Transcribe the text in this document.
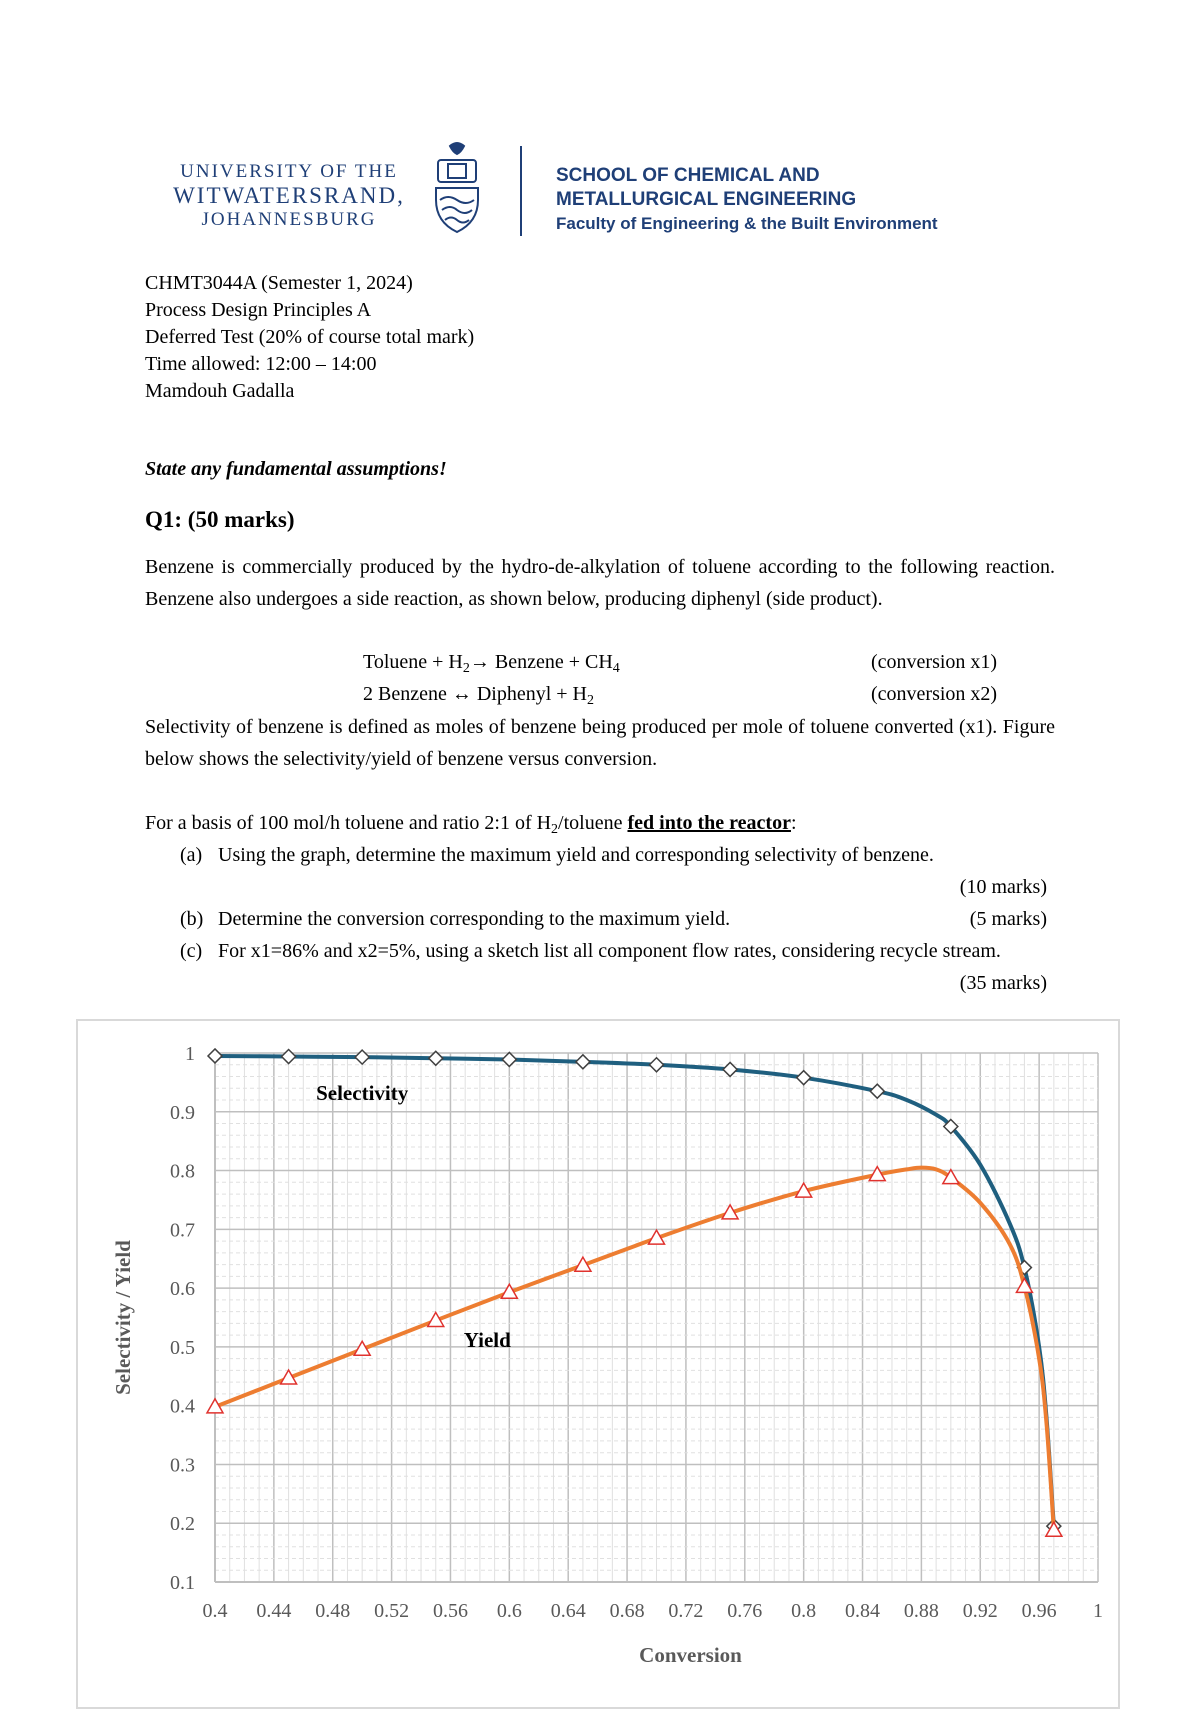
UNIVERSITY OF THE
WITWATERSRAND,
JOHANNESBURG
SCHOOL OF CHEMICAL AND
METALLURGICAL ENGINEERING
Faculty of Engineering & the Built Environment
CHMT3044A (Semester 1, 2024)
Process Design Principles A
Deferred Test (20% of course total mark)
Time allowed: 12:00 – 14:00
Mamdouh Gadalla
State any fundamental assumptions!
Q1: (50 marks)
Benzene is commercially produced by the hydro-de-alkylation of toluene according to the following reaction. Benzene also undergoes a side reaction, as shown below, producing diphenyl (side product).
Toluene + $H_2\to$ Benzene + $CH_4$	(conversion x1)
2 Benzene ↔ Diphenyl + $H_2$	(conversion x2)
Selectivity of benzene is defined as moles of benzene being produced per mole of toluene converted (x1). Figure below shows the selectivity/yield of benzene versus conversion.
For a basis of 100 mol/h toluene and ratio 2:1 of $H_2$/toluene fed into the reactor:
(a) Using the graph, determine the maximum yield and corresponding selectivity of benzene.
(10 marks)
(b) Determine the conversion corresponding to the maximum yield.	(5 marks)
(c) For x1=86% and x2=5%, using a sketch list all component flow rates, considering recycle stream.
(35 marks)
0.4 0.44 0.48 0.52 0.56 0.6 0.64 0.68 0.72 0.76 0.8 0.84 0.88 0.92 0.96 1
0.1
0.2
0.3
0.4
0.5
0.6
0.7
0.8
0.9
1
Conversion
Selectivity / Yield
Selectivity
Yield
